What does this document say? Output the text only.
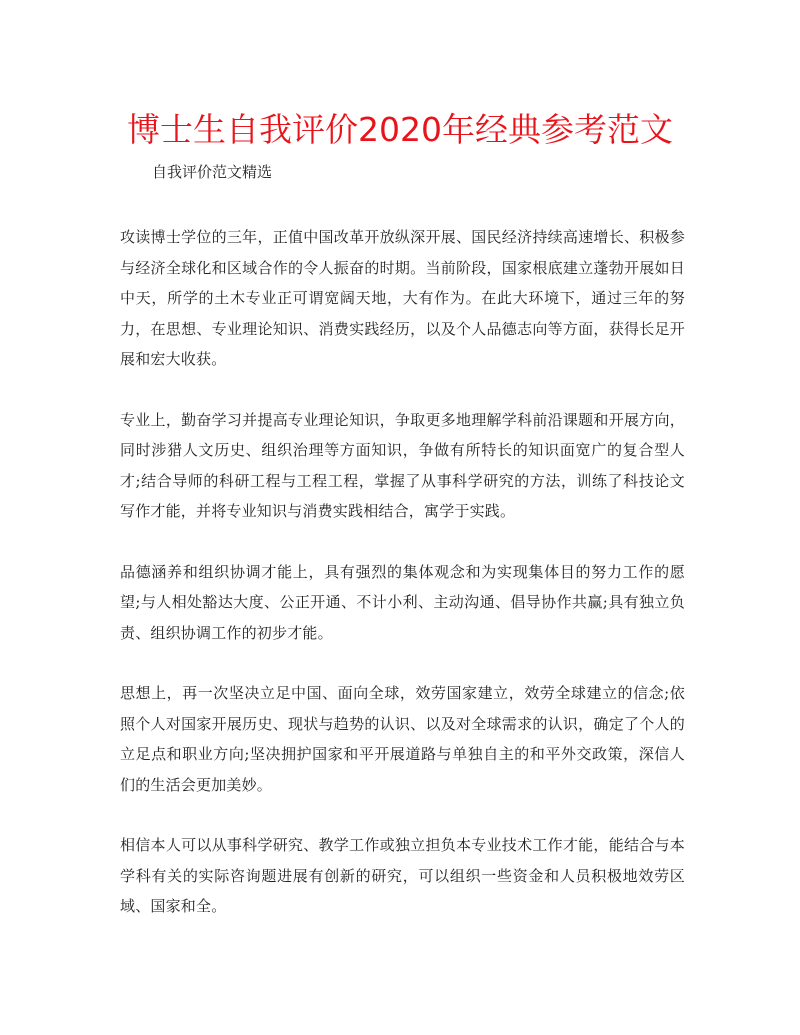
博士生自我评价2020年经典参考范文

自我评价范文精选

攻读博士学位的三年，正值中国改革开放纵深开展、国民经济持续高速增长、积极参与经济全球化和区域合作的令人振奋的时期。当前阶段，国家根底建立蓬勃开展如日中天，所学的土木专业正可谓宽阔天地，大有作为。在此大环境下，通过三年的努力，在思想、专业理论知识、消费实践经历，以及个人品德志向等方面，获得长足开展和宏大收获。

专业上，勤奋学习并提高专业理论知识，争取更多地理解学科前沿课题和开展方向，同时涉猎人文历史、组织治理等方面知识，争做有所特长的知识面宽广的复合型人才;结合导师的科研工程与工程工程，掌握了从事科学研究的方法，训练了科技论文写作才能，并将专业知识与消费实践相结合，寓学于实践。

品德涵养和组织协调才能上，具有强烈的集体观念和为实现集体目的努力工作的愿望;与人相处豁达大度、公正开通、不计小利、主动沟通、倡导协作共赢;具有独立负责、组织协调工作的初步才能。

思想上，再一次坚决立足中国、面向全球，效劳国家建立，效劳全球建立的信念;依照个人对国家开展历史、现状与趋势的认识、以及对全球需求的认识，确定了个人的立足点和职业方向;坚决拥护国家和平开展道路与单独自主的和平外交政策，深信人们的生活会更加美妙。

相信本人可以从事科学研究、教学工作或独立担负本专业技术工作才能，能结合与本学科有关的实际咨询题进展有创新的研究，可以组织一些资金和人员积极地效劳区域、国家和全。
